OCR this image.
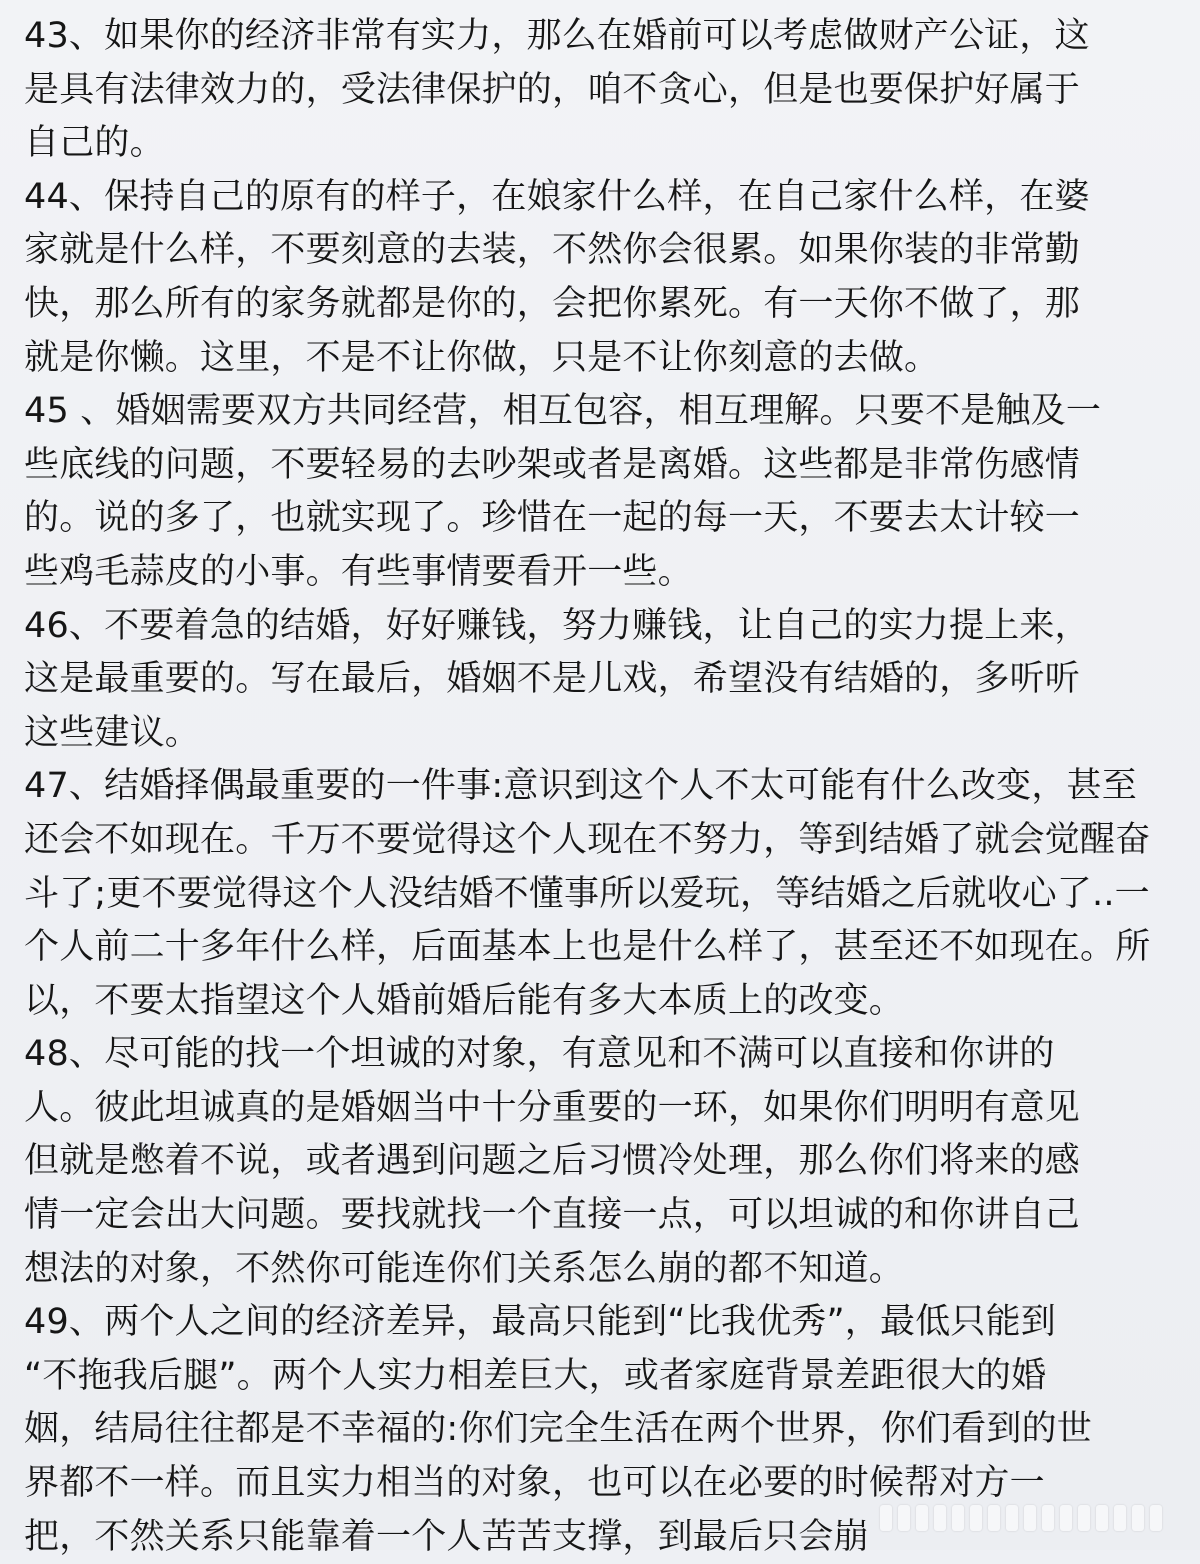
43、如果你的经济非常有实力，那么在婚前可以考虑做财产公证，这
是具有法律效力的，受法律保护的，咱不贪心，但是也要保护好属于
自己的。
44、保持自己的原有的样子，在娘家什么样，在自己家什么样，在婆
家就是什么样，不要刻意的去装，不然你会很累。如果你装的非常勤
快，那么所有的家务就都是你的，会把你累死。有一天你不做了，那
就是你懒。这里，不是不让你做，只是不让你刻意的去做。
45 、婚姻需要双方共同经营，相互包容，相互理解。只要不是触及一
些底线的问题，不要轻易的去吵架或者是离婚。这些都是非常伤感情
的。说的多了，也就实现了。珍惜在一起的每一天，不要去太计较一
些鸡毛蒜皮的小事。有些事情要看开一些。
46、不要着急的结婚，好好赚钱，努力赚钱，让自己的实力提上来，
这是最重要的。写在最后，婚姻不是儿戏，希望没有结婚的，多听听
这些建议。
47、结婚择偶最重要的一件事:意识到这个人不太可能有什么改变，甚至
还会不如现在。千万不要觉得这个人现在不努力，等到结婚了就会觉醒奋
斗了;更不要觉得这个人没结婚不懂事所以爱玩，等结婚之后就收心了..一
个人前二十多年什么样，后面基本上也是什么样了，甚至还不如现在。所
以，不要太指望这个人婚前婚后能有多大本质上的改变。
48、尽可能的找一个坦诚的对象，有意见和不满可以直接和你讲的
人。彼此坦诚真的是婚姻当中十分重要的一环，如果你们明明有意见
但就是憋着不说，或者遇到问题之后习惯冷处理，那么你们将来的感
情一定会出大问题。要找就找一个直接一点，可以坦诚的和你讲自己
想法的对象，不然你可能连你们关系怎么崩的都不知道。
49、两个人之间的经济差异，最高只能到“比我优秀”，最低只能到
“不拖我后腿”。两个人实力相差巨大，或者家庭背景差距很大的婚
姻，结局往往都是不幸福的:你们完全生活在两个世界，你们看到的世
界都不一样。而且实力相当的对象，也可以在必要的时候帮对方一
把，不然关系只能靠着一个人苦苦支撑，到最后只会崩
